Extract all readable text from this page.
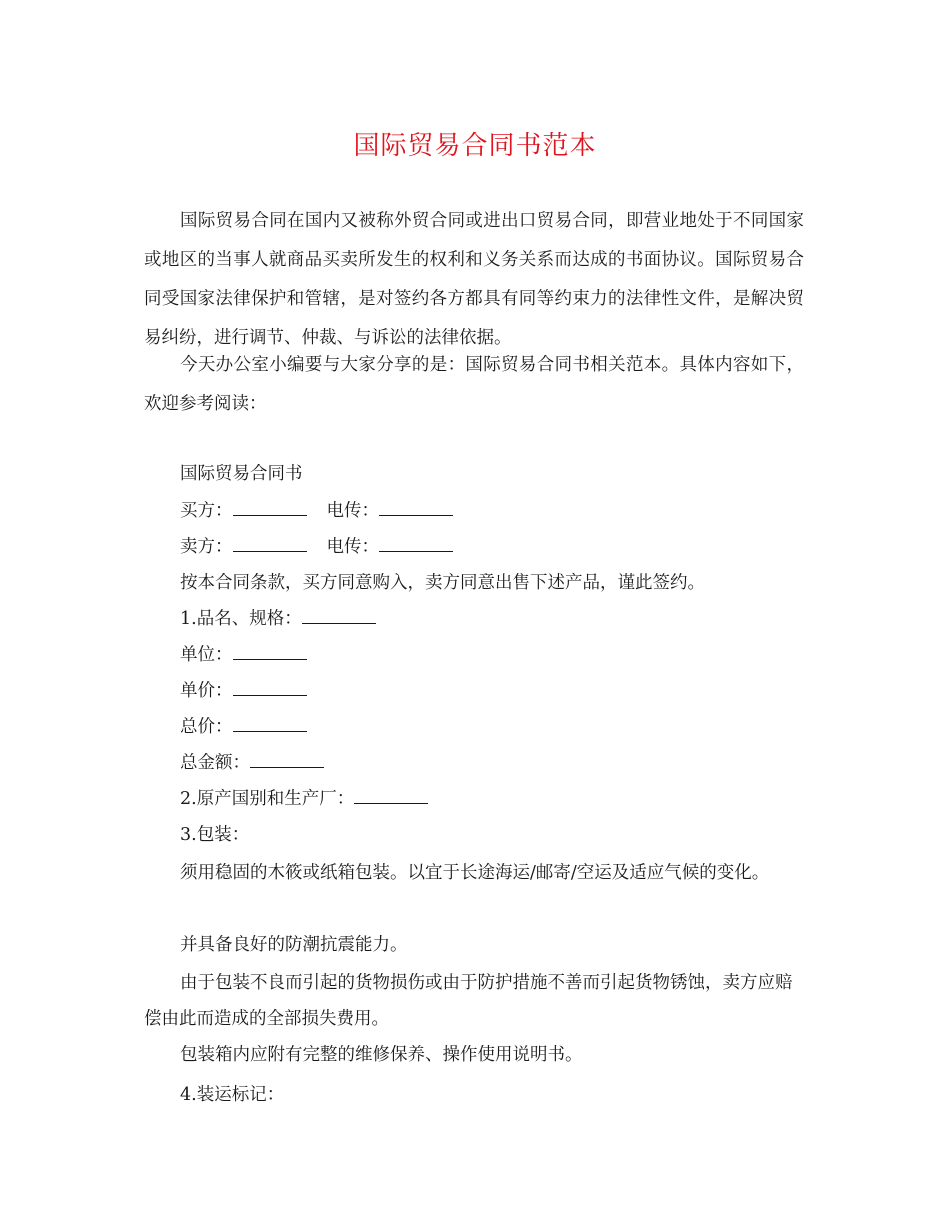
国际贸易合同书范本

国际贸易合同在国内又被称外贸合同或进出口贸易合同，即营业地处于不同国家或地区的当事人就商品买卖所发生的权利和义务关系而达成的书面协议。国际贸易合同受国家法律保护和管辖，是对签约各方都具有同等约束力的法律性文件，是解决贸易纠纷，进行调节、仲裁、与诉讼的法律依据。

今天办公室小编要与大家分享的是：国际贸易合同书相关范本。具体内容如下，欢迎参考阅读：

国际贸易合同书
买方：	电传：
卖方：	电传：
按本合同条款，买方同意购入，卖方同意出售下述产品，谨此签约。
1.品名、规格：
单位：
单价：
总价：
总金额：
2.原产国别和生产厂：
3.包装：

须用稳固的木筱或纸箱包装。以宜于长途海运/邮寄/空运及适应气候的变化。

并具备良好的防潮抗震能力。

由于包装不良而引起的货物损伤或由于防护措施不善而引起货物锈蚀，卖方应赔偿由此而造成的全部损失费用。

包装箱内应附有完整的维修保养、操作使用说明书。
4.装运标记：
